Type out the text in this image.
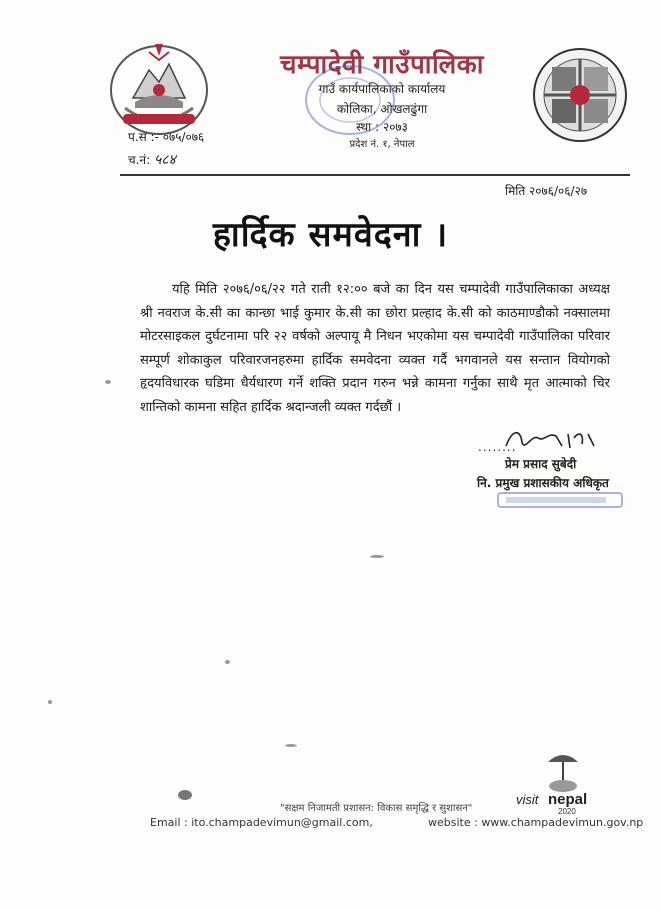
चम्पादेवी गाउँपालिका
गाउँ कार्यपालिकाको कार्यालय
कोलिका, ओखलढुंगा
स्था : २०७३
प्रदेश नं. १, नेपाल
प.स :- ०७५/०७६
च.नं: ५८४
मिति २०७६/०६/२७
हार्दिक समवेदना ।
यहि मिति २०७६/०६/२२ गते राती १२:०० बजे का दिन यस चम्पादेवी गाउँपालिकाका अध्यक्ष श्री नवराज के.सी का कान्छा भाई कुमार के.सी का छोरा प्रल्हाद के.सी को काठमाण्डौको नक्सालमा मोटरसाइकल दुर्घटनामा परि २२ वर्षको अल्पायू मै निधन भएकोमा यस चम्पादेवी गाउँपालिका परिवार सम्पूर्ण शोकाकुल परिवारजनहरुमा हार्दिक समवेदना व्यक्त गर्दै भगवानले यस सन्तान वियोगको हृदयविधारक घडिमा धैर्यधारण गर्ने शक्ति प्रदान गरुन भन्ने कामना गर्नुका साथै मृत आत्माको चिर शान्तिको कामना सहित हार्दिक श्रदान्जली व्यक्त गर्दछौं ।
........
प्रेम प्रसाद सुबेदी
नि. प्रमुख प्रशासकीय अधिकृत
visit nepal
2020
"सक्षम निजामती प्रशासन: विकास समृद्धि र सुशासन"
Email : ito.champadevimun@gmail.com,	website : www.champadevimun.gov.np
